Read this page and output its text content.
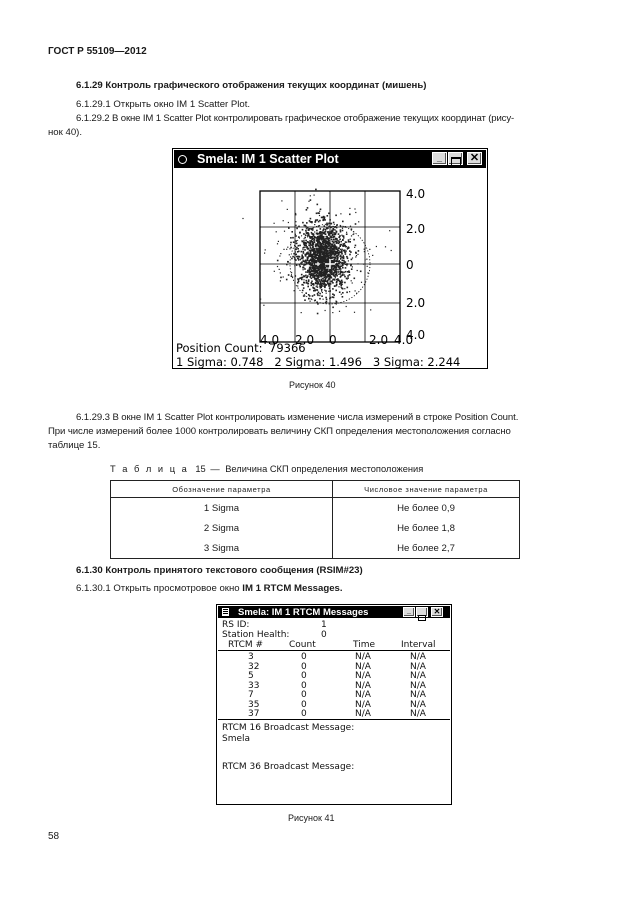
ГОСТ Р 55109—2012
6.1.29 Контроль графического отображения текущих координат (мишень)
6.1.29.1 Открыть окно IM 1 Scatter Plot.
6.1.29.2 В окне IM 1 Scatter Plot контролировать графическое отображение текущих координат (рису-
нок 40).
Smela: IM 1 Scatter Plot	_	✕
4.0
2.0
0
2.0
4.0
4.0 2.0 0	2.0 4.0
Position Count: 79366
1 Sigma: 0.748   2 Sigma: 1.496   3 Sigma: 2.244
Рисунок 40
6.1.29.3 В окне IM 1 Scatter Plot контролировать изменение числа измерений в строке Position Count.
При числе измерений более 1000 контролировать величину СКП определения местоположения согласно
таблице 15.
Т а б л и ц а 15 — Величина СКП определения местоположения
Обозначение параметра	Числовое значение параметра
1 Sigma	Не более 0,9
2 Sigma	Не более 1,8
3 Sigma	Не более 2,7
6.1.30 Контроль принятого текстового сообщения (RSIM#23)
6.1.30.1 Открыть просмотровое окно IM 1 RTCM Messages.
Smela: IM 1 RTCM Messages	_	✕
RS ID:	1
Station Health:	0
RTCM #	Count	Time	Interval
3	0	N/A	N/A
32	0	N/A	N/A
5	0	N/A	N/A
33	0	N/A	N/A
7	0	N/A	N/A
35	0	N/A	N/A
37	0	N/A	N/A
RTCM 16 Broadcast Message:
Smela
RTCM 36 Broadcast Message:
Рисунок 41
58
